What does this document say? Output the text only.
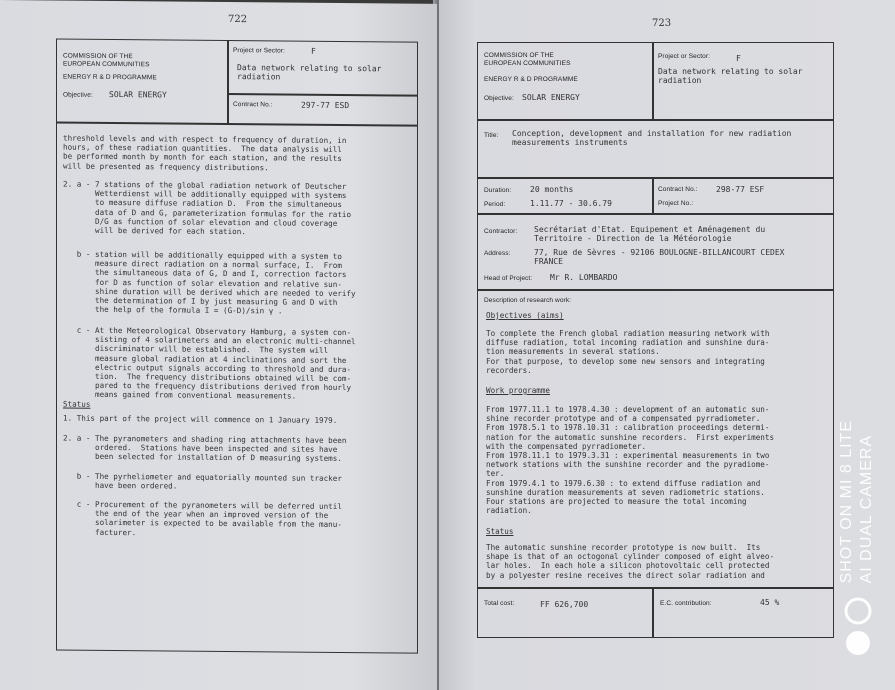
722
COMMISSION OF THE
EUROPEAN COMMUNITIES
ENERGY R & D PROGRAMME
Objective: SOLAR ENERGY
Project or Sector:	F
Data network relating to solar
radiation
Contract No.:	297-77 ESD
threshold levels and with respect to frequency of duration, in
hours, of these radiation quantities.  The data analysis will
be performed month by month for each station, and the results
will be presented as frequency distributions.
2. a - 7 stations of the global radiation network of Deutscher
Wetterdienst will be additionally equipped with systems
to measure diffuse radiation D.  From the simultaneous
data of D and G, parameterization formulas for the ratio
D/G as function of solar elevation and cloud coverage
will be derived for each station.
b - station will be additionally equipped with a system to
measure direct radiation on a normal surface, I.  From
the simultaneous data of G, D and I, correction factors
for D as function of solar elevation and relative sun-
shine duration will be derived which are needed to verify
the determination of I by just measuring G and D with
the help of the formula I = (G-D)/sin γ .
c - At the Meteorological Observatory Hamburg, a system con-
sisting of 4 solarimeters and an electronic multi-channel
discriminator will be established.  The system will
measure global radiation at 4 inclinations and sort the
electric output signals according to threshold and dura-
tion.  The frequency distributions obtained will be com-
pared to the frequency distributions derived from hourly
means gained from conventional measurements.
Status
1. This part of the project will commence on 1 January 1979.
2. a - The pyranometers and shading ring attachments have been
ordered.  Stations have been inspected and sites have
been selected for installation of D measuring systems.
b - The pyrheliometer and equatorially mounted sun tracker
have been ordered.
c - Procurement of the pyranometers will be deferred until
the end of the year when an improved version of the
solarimeter is expected to be available from the manu-
facturer.
723
COMMISSION OF THE
EUROPEAN COMMUNITIES
ENERGY R & D PROGRAMME
Objective: SOLAR ENERGY
Project or Sector:	F
Data network relating to solar
radiation
Title: Conception, development and installation for new radiation
measurements instruments
Duration: 20 months
Period:	1.11.77 - 30.6.79
Contract No.: 298-77 ESF
Project No.:
Contractor: Secrétariat d'Etat. Equipement et Aménagement du
Territoire - Direction de la Météorologie
Address:	77, Rue de Sèvres - 92106 BOULOGNE-BILLANCOURT CEDEX
FRANCE
Head of Project: Mr R. LOMBARDO
Description of research work:
Objectives (aims)
To complete the French global radiation measuring network with
diffuse radiation, total incoming radiation and sunshine dura-
tion measurements in several stations.
For that purpose, to develop some new sensors and integrating
recorders.
Work programme
From 1977.11.1 to 1978.4.30 : development of an automatic sun-
shine recorder prototype and of a compensated pyrradiometer.
From 1978.5.1 to 1978.10.31 : calibration proceedings determi-
nation for the automatic sunshine recorders.  First experiments
with the compensated pyrradiometer.
From 1978.11.1 to 1979.3.31 : experimental measurements in two
network stations with the sunshine recorder and the pyradiome-
ter.
From 1979.4.1 to 1979.6.30 : to extend diffuse radiation and
sunshine duration measurements at seven radiometric stations.
Four stations are projected to measure the total incoming
radiation.
Status
The automatic sunshine recorder prototype is now built.  Its
shape is that of an octogonal cylinder composed of eight alveo-
lar holes.  In each hole a silicon photovoltaic cell protected
by a polyester resine receives the direct solar radiation and
Total cost:	FF 626,700	E.C. contribution:	45 %
SHOT ON MI 8 LITE AI DUAL CAMERA
